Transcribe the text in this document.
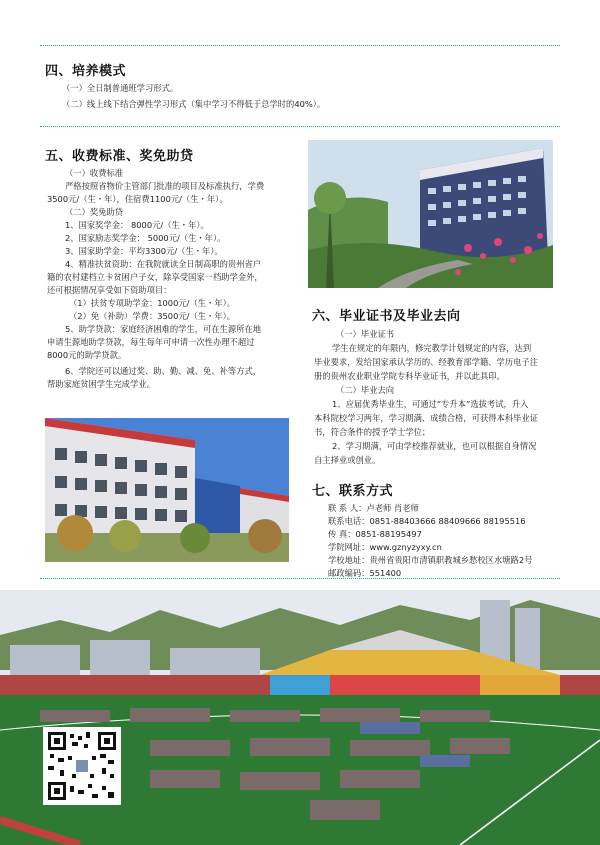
四、培养模式
（一）全日制普通班学习形式。
（二）线上线下结合弹性学习形式（集中学习不得低于总学时的40%）。
五、收费标准、奖免助贷
（一）收费标准
严格按照省物价主管部门批准的项目及标准执行，学费
3500元/（生・年），住宿费1100元/（生・年）。
（二）奖免助贷
1、国家奖学金： 8000元/（生・年）。
2、国家励志奖学金： 5000元/（生・年）。
3、国家助学金：平均3300元/（生・年）。
4、精准扶贫资助：在我院就读全日制高职的贵州省户
籍的农村建档立卡贫困户子女，除享受国家一档助学金外，
还可根据情况享受如下资助项目：
（1）扶贫专项助学金：1000元/（生・年）。
（2）免（补助）学费：3500元/（生・年）。
5、助学贷款：家庭经济困难的学生，可在生源所在地
申请生源地助学贷款，每生每年可申请一次性办理不超过
8000元的助学贷款。
6、学院还可以通过奖、助、勤、减、免、补等方式，
帮助家庭贫困学生完成学业。
六、毕业证书及毕业去向
（一）毕业证书
学生在规定的年限内，修完教学计划规定的内容，达到
毕业要求，发给国家承认学历的、经教育部学籍、学历电子注
册的贵州农业职业学院专科毕业证书，并以此具印。
（二）毕业去向
1、应届优秀毕业生，可通过“专升本”选拔考试，升入
本科院校学习两年，学习期满、成绩合格，可获得本科毕业证
书，符合条件的授予学士学位；
2、学习期满，可由学校推荐就业，也可以根据自身情况
自主择业或创业。
七、联系方式
联 系 人：卢老师 肖老师
联系电话：0851-88403666 88409666 88195516
传 真：0851-88195497
学院网址：www.gznyzyxy.cn
学校地址：贵州省贵阳市清镇职教城乡愁校区水塘路2号
邮政编码：551400
